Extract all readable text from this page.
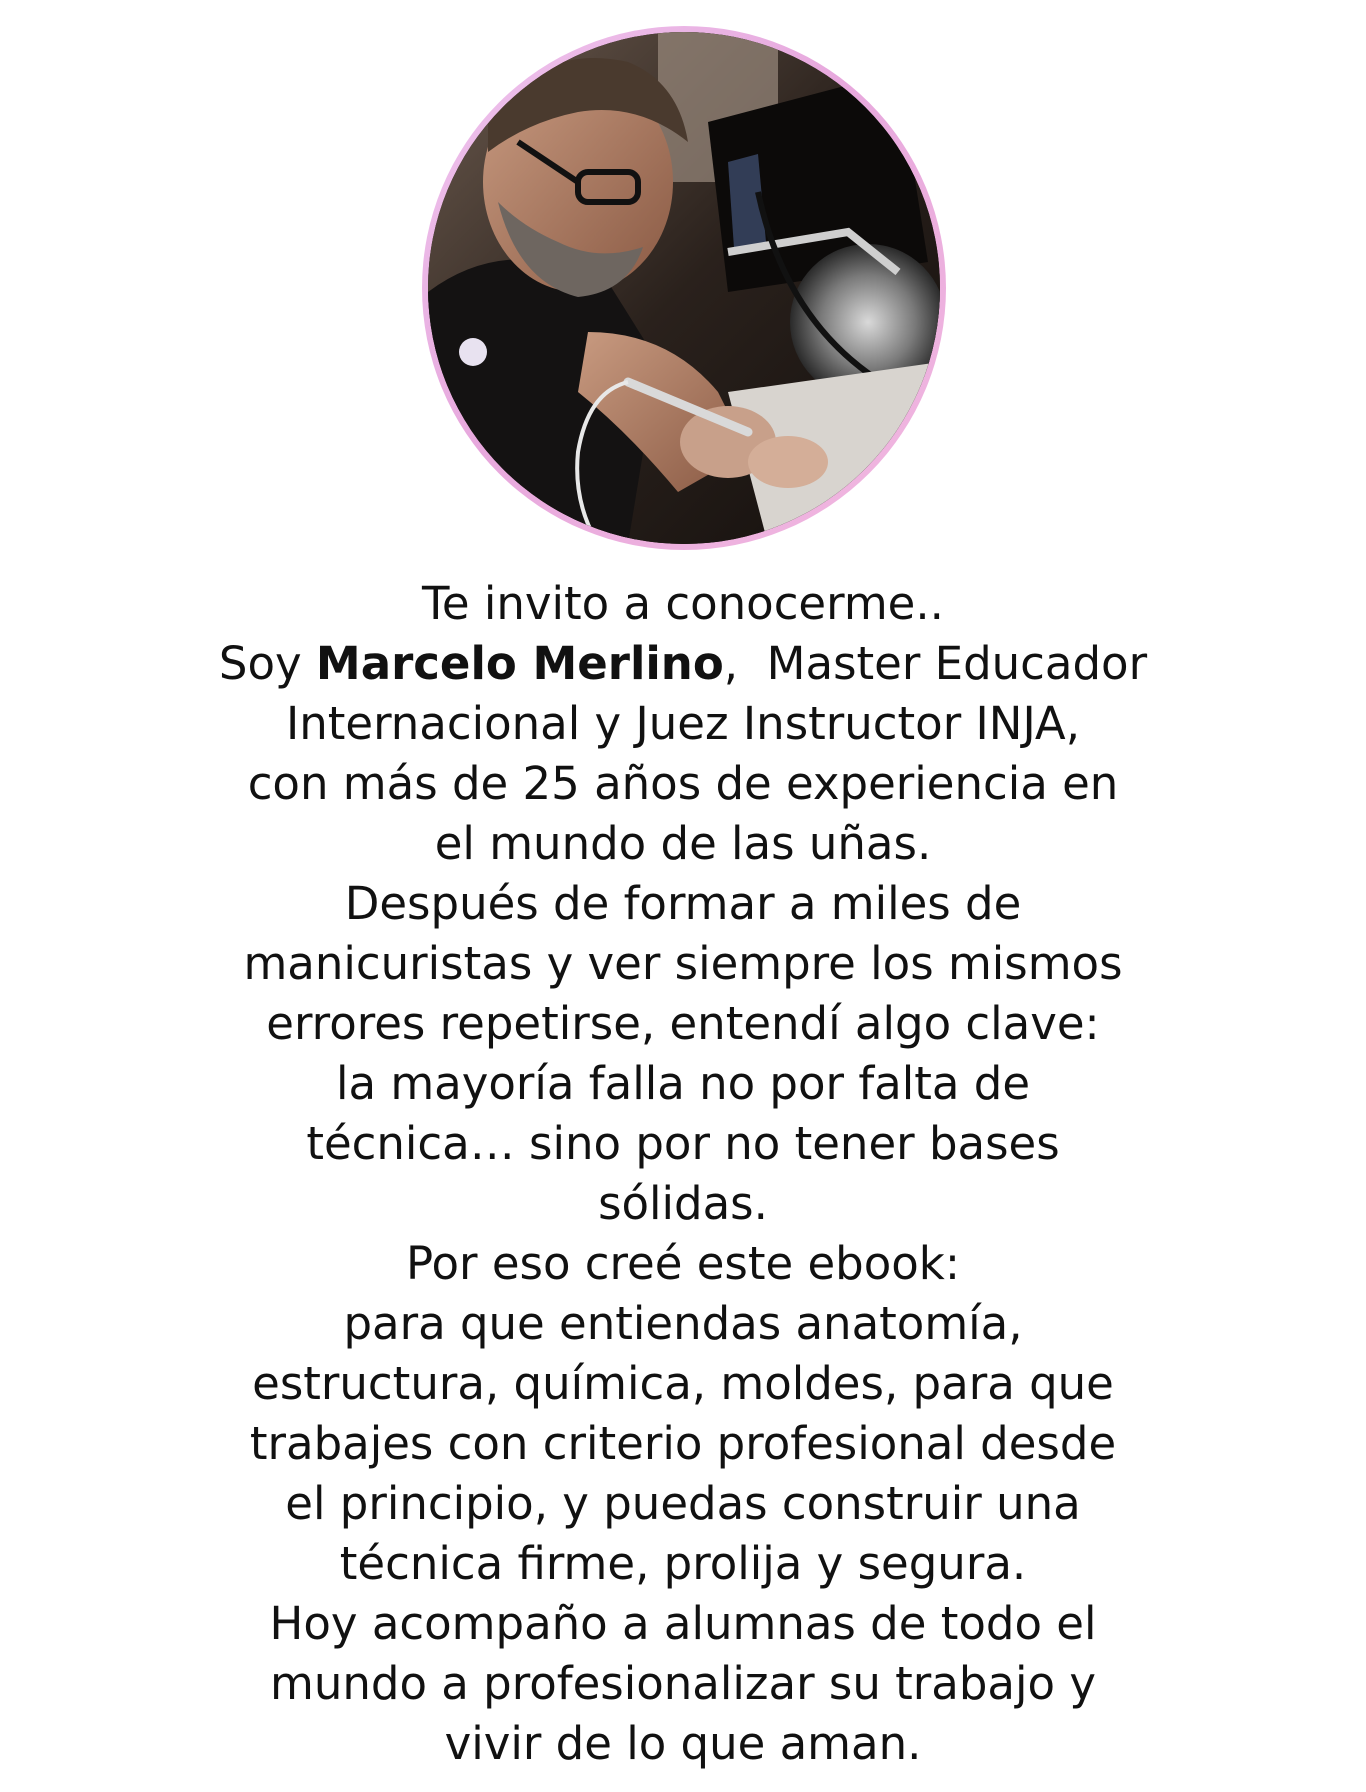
Te invito a conocerme..
Soy Marcelo Merlino,  Master Educador
Internacional y Juez Instructor INJA,
con más de 25 años de experiencia en
el mundo de las uñas.
Después de formar a miles de
manicuristas y ver siempre los mismos
errores repetirse, entendí algo clave:
la mayoría falla no por falta de
técnica… sino por no tener bases
sólidas.
Por eso creé este ebook:
para que entiendas anatomía,
estructura, química, moldes, para que
trabajes con criterio profesional desde
el principio, y puedas construir una
técnica firme, prolija y segura.
Hoy acompaño a alumnas de todo el
mundo a profesionalizar su trabajo y
vivir de lo que aman.
